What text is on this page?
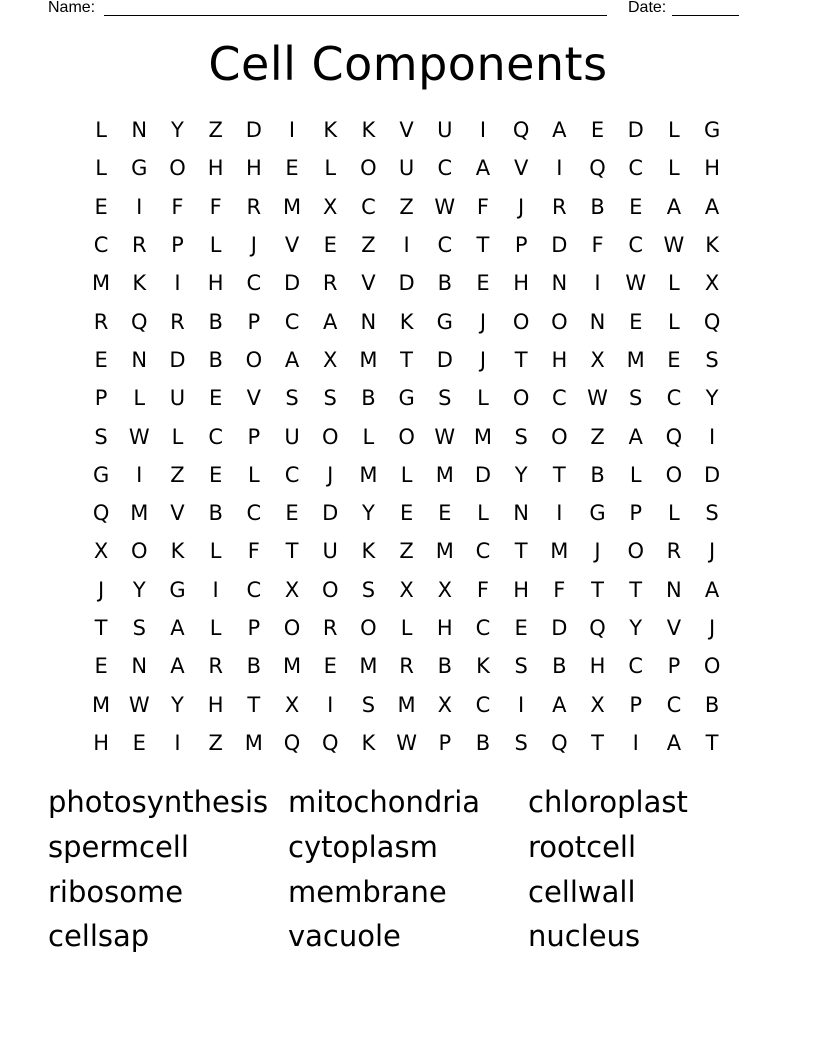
Name:	Date:
Cell Components
L	N	Y	Z	D	I	K	K	V	U	I	Q	A	E	D	L	G
L	G	O	H	H	E	L	O	U	C	A	V	I	Q	C	L	H
E	I	F	F	R	M	X	C	Z W	F	J	R	B	E	A	A
C	R	P	L	J	V	E	Z	I	C	T	P	D	F	C W K
M	K	I	H	C	D	R	V	D	B	E	H	N	I	W	L	X
R	Q	R	B	P	C	A	N	K	G	J	O	O	N	E	L	Q
E	N	D	B	O	A	X	M	T	D	J	T	H	X	M	E	S
P	L	U	E	V	S	S	B	G	S	L	O	C W	S	C	Y
S	W	L	C	P	U	O	L	O W M	S	O	Z	A	Q	I
G	I	Z	E	L	C	J	M	L	M	D	Y	T	B	L	O	D
Q M	V	B	C	E	D	Y	E	E	L	N	I	G	P	L	S
X	O	K	L	F	T	U	K	Z	M	C	T	M	J	O	R	J
J	Y	G	I	C	X	O	S	X	X	F	H	F	T	T	N	A
T	S	A	L	P	O	R	O	L	H	C	E	D	Q	Y	V	J
E	N	A	R	B	M	E	M	R	B	K	S	B	H	C	P	O
M W	Y	H	T	X	I	S	M	X	C	I	A	X	P	C	B
H	E	I	Z	M Q	Q	K W	P	B	S	Q	T	I	A	T
photosynthesis mitochondria	chloroplast
spermcell	cytoplasm	rootcell
ribosome	membrane	cellwall
cellsap	vacuole	nucleus
